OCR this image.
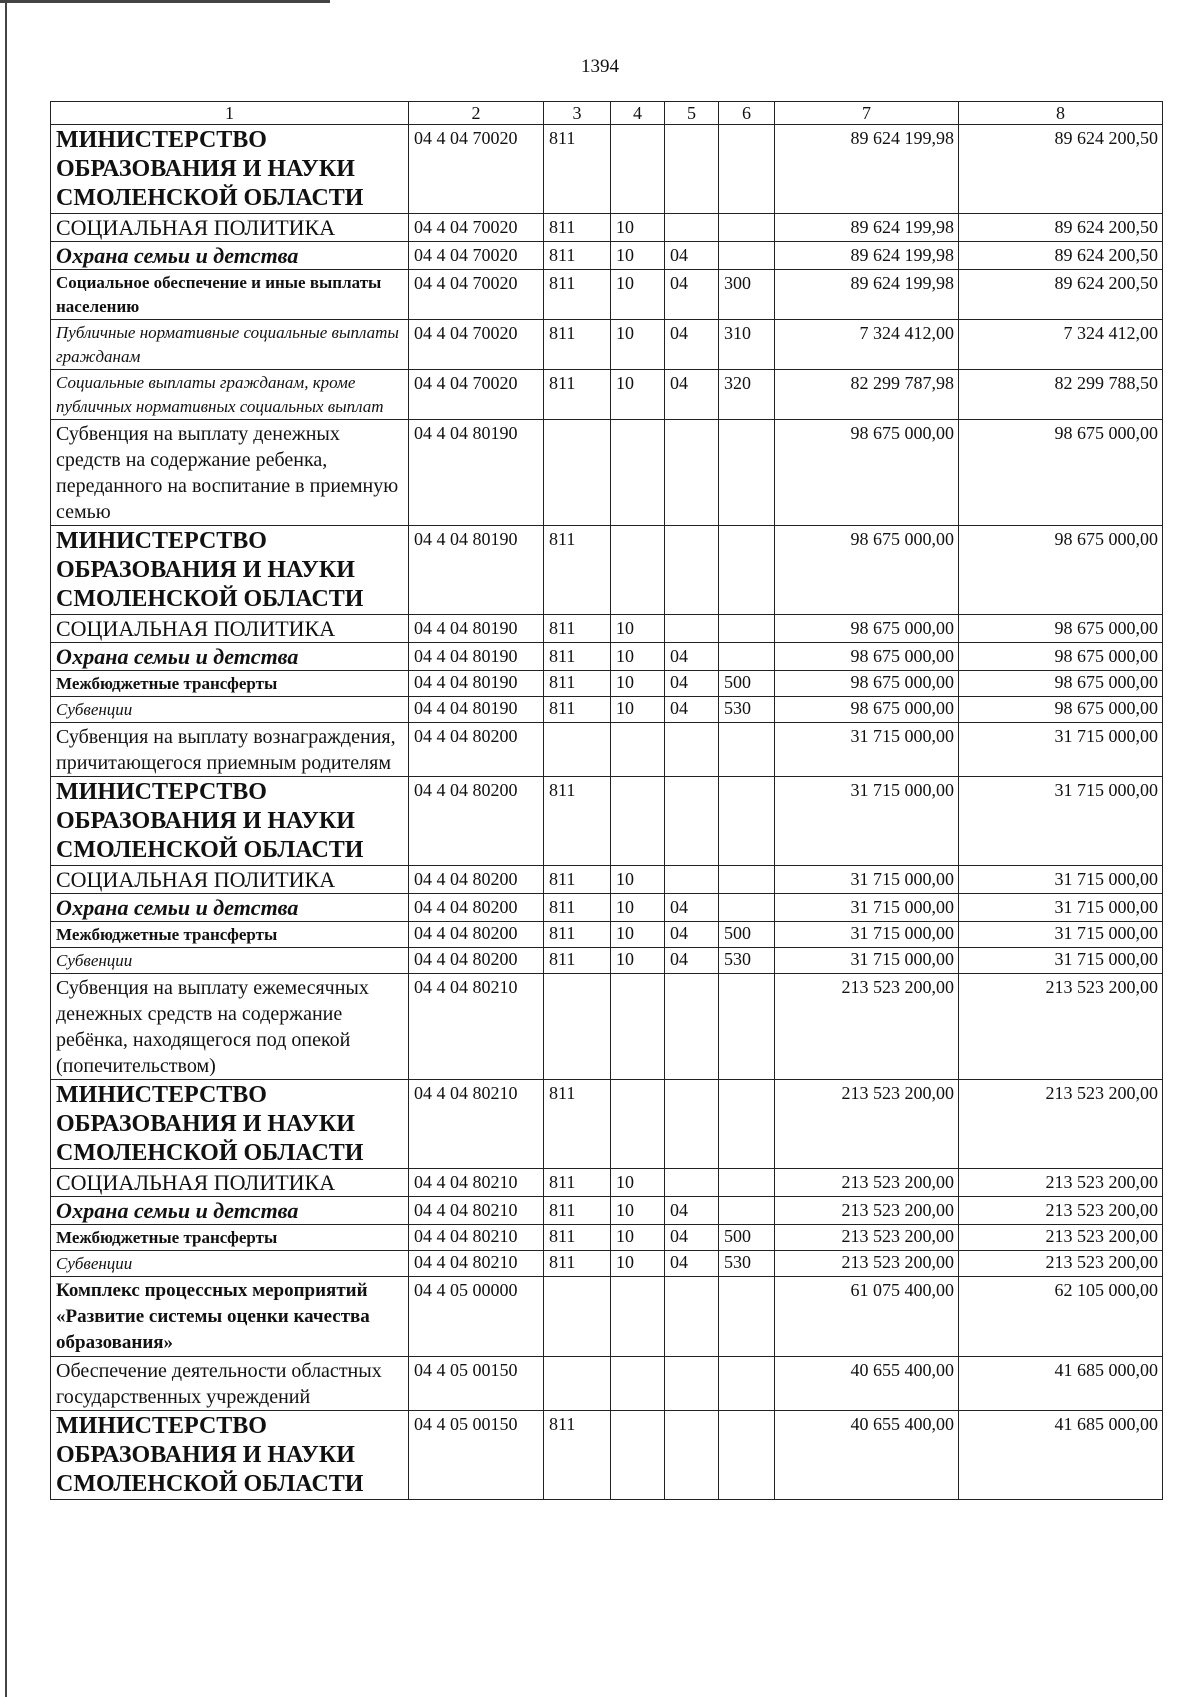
1394
1	2	3	4	5	6	7	8
МИНИСТЕРСТВО ОБРАЗОВАНИЯ И НАУКИ СМОЛЕНСКОЙ ОБЛАСТИ	04 4 04 70020	811				89 624 199,98	89 624 200,50
СОЦИАЛЬНАЯ ПОЛИТИКА	04 4 04 70020	811	10			89 624 199,98	89 624 200,50
Охрана семьи и детства	04 4 04 70020	811	10	04		89 624 199,98	89 624 200,50
Социальное обеспечение и иные выплаты населению	04 4 04 70020	811	10	04	300	89 624 199,98	89 624 200,50
Публичные нормативные социальные выплаты гражданам	04 4 04 70020	811	10	04	310	7 324 412,00	7 324 412,00
Социальные выплаты гражданам, кроме публичных нормативных социальных выплат	04 4 04 70020	811	10	04	320	82 299 787,98	82 299 788,50
Субвенция на выплату денежных средств на содержание ребенка, переданного на воспитание в приемную семью	04 4 04 80190					98 675 000,00	98 675 000,00
МИНИСТЕРСТВО ОБРАЗОВАНИЯ И НАУКИ СМОЛЕНСКОЙ ОБЛАСТИ	04 4 04 80190	811				98 675 000,00	98 675 000,00
СОЦИАЛЬНАЯ ПОЛИТИКА	04 4 04 80190	811	10			98 675 000,00	98 675 000,00
Охрана семьи и детства	04 4 04 80190	811	10	04		98 675 000,00	98 675 000,00
Межбюджетные трансферты	04 4 04 80190	811	10	04	500	98 675 000,00	98 675 000,00
Субвенции	04 4 04 80190	811	10	04	530	98 675 000,00	98 675 000,00
Субвенция на выплату вознаграждения, причитающегося приемным родителям	04 4 04 80200					31 715 000,00	31 715 000,00
МИНИСТЕРСТВО ОБРАЗОВАНИЯ И НАУКИ СМОЛЕНСКОЙ ОБЛАСТИ	04 4 04 80200	811				31 715 000,00	31 715 000,00
СОЦИАЛЬНАЯ ПОЛИТИКА	04 4 04 80200	811	10			31 715 000,00	31 715 000,00
Охрана семьи и детства	04 4 04 80200	811	10	04		31 715 000,00	31 715 000,00
Межбюджетные трансферты	04 4 04 80200	811	10	04	500	31 715 000,00	31 715 000,00
Субвенции	04 4 04 80200	811	10	04	530	31 715 000,00	31 715 000,00
Субвенция на выплату ежемесячных денежных средств на содержание ребёнка, находящегося под опекой (попечительством)	04 4 04 80210					213 523 200,00	213 523 200,00
МИНИСТЕРСТВО ОБРАЗОВАНИЯ И НАУКИ СМОЛЕНСКОЙ ОБЛАСТИ	04 4 04 80210	811				213 523 200,00	213 523 200,00
СОЦИАЛЬНАЯ ПОЛИТИКА	04 4 04 80210	811	10			213 523 200,00	213 523 200,00
Охрана семьи и детства	04 4 04 80210	811	10	04		213 523 200,00	213 523 200,00
Межбюджетные трансферты	04 4 04 80210	811	10	04	500	213 523 200,00	213 523 200,00
Субвенции	04 4 04 80210	811	10	04	530	213 523 200,00	213 523 200,00
Комплекс процессных мероприятий «Развитие системы оценки качества образования»	04 4 05 00000					61 075 400,00	62 105 000,00
Обеспечение деятельности областных государственных учреждений	04 4 05 00150					40 655 400,00	41 685 000,00
МИНИСТЕРСТВО ОБРАЗОВАНИЯ И НАУКИ СМОЛЕНСКОЙ ОБЛАСТИ	04 4 05 00150	811				40 655 400,00	41 685 000,00
